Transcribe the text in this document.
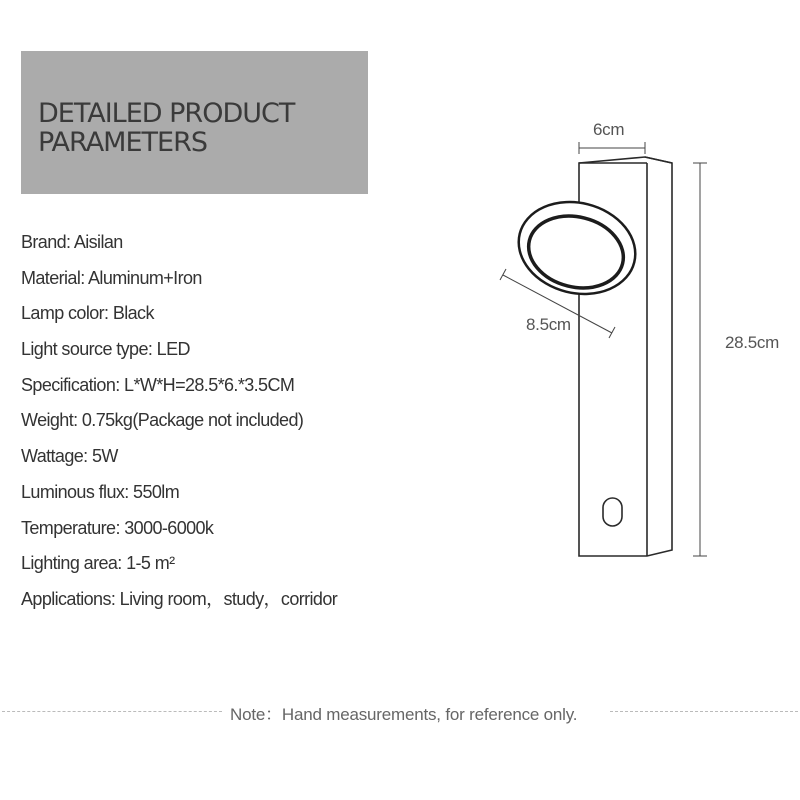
DETAILED PRODUCT
PARAMETERS
Brand: Aisilan
Material: Aluminum+Iron
Lamp color: Black
Light source type: LED
Specification: L*W*H=28.5*6.*3.5CM
Weight: 0.75kg(Package not included)
Wattage: 5W
Luminous flux: 550lm
Temperature: 3000-6000k
Lighting area: 1-5 m²
Applications: Living room，study，corridor
6cm
8.5cm
28.5cm
Note：Hand measurements, for reference only.
